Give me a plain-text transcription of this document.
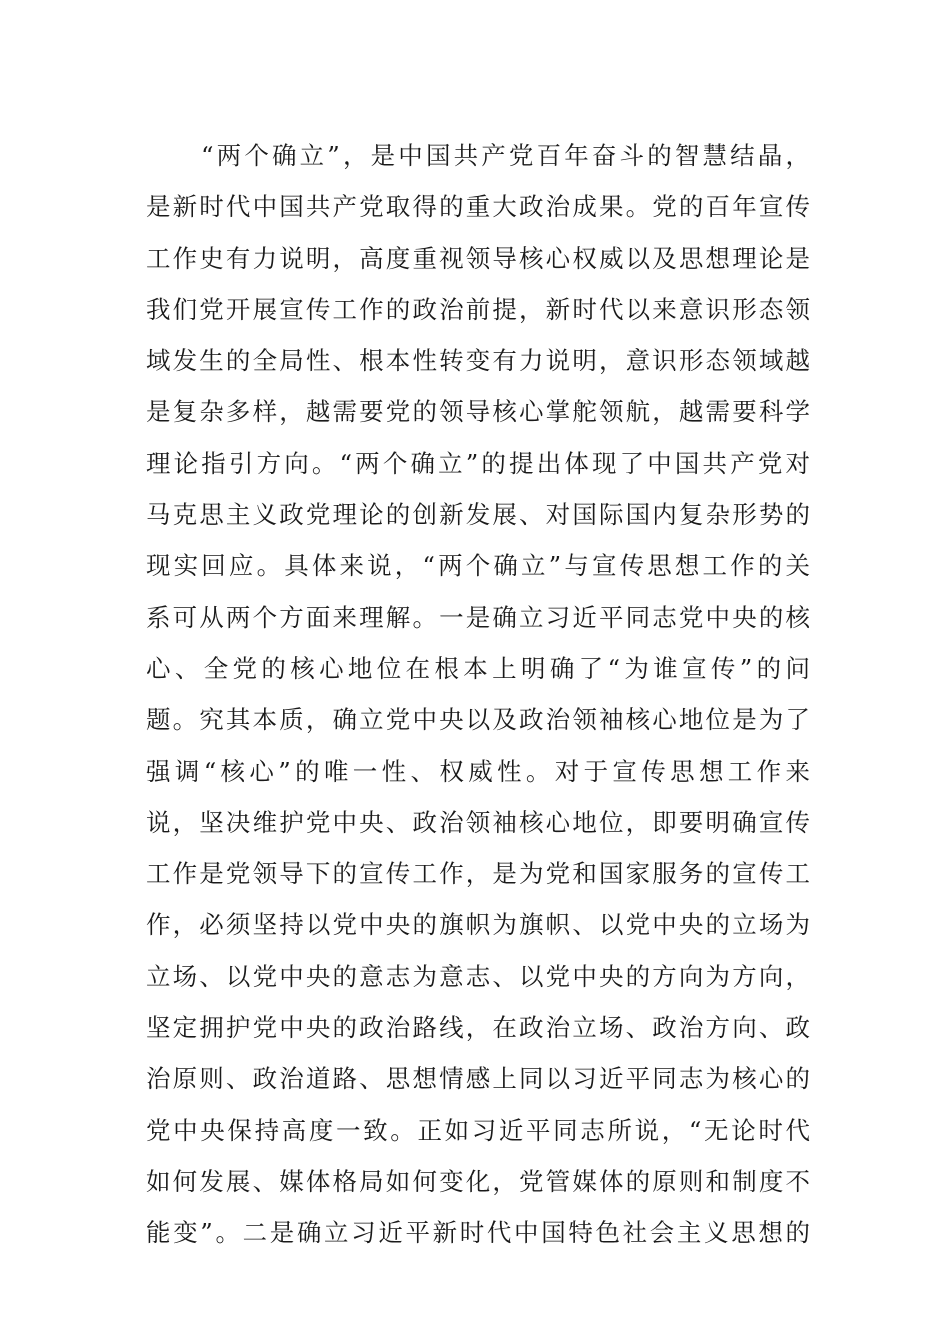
“两个确立”，是中国共产党百年奋斗的智慧结晶，
是新时代中国共产党取得的重大政治成果。党的百年宣传
工作史有力说明，高度重视领导核心权威以及思想理论是
我们党开展宣传工作的政治前提，新时代以来意识形态领
域发生的全局性、根本性转变有力说明，意识形态领域越
是复杂多样，越需要党的领导核心掌舵领航，越需要科学
理论指引方向。“两个确立”的提出体现了中国共产党对
马克思主义政党理论的创新发展、对国际国内复杂形势的
现实回应。具体来说，“两个确立”与宣传思想工作的关
系可从两个方面来理解。一是确立习近平同志党中央的核
心、全党的核心地位在根本上明确了“为谁宣传”的问
题。究其本质，确立党中央以及政治领袖核心地位是为了
强调“核心”的唯一性、权威性。对于宣传思想工作来
说，坚决维护党中央、政治领袖核心地位，即要明确宣传
工作是党领导下的宣传工作，是为党和国家服务的宣传工
作，必须坚持以党中央的旗帜为旗帜、以党中央的立场为
立场、以党中央的意志为意志、以党中央的方向为方向，
坚定拥护党中央的政治路线，在政治立场、政治方向、政
治原则、政治道路、思想情感上同以习近平同志为核心的
党中央保持高度一致。正如习近平同志所说，“无论时代
如何发展、媒体格局如何变化，党管媒体的原则和制度不
能变”。二是确立习近平新时代中国特色社会主义思想的
